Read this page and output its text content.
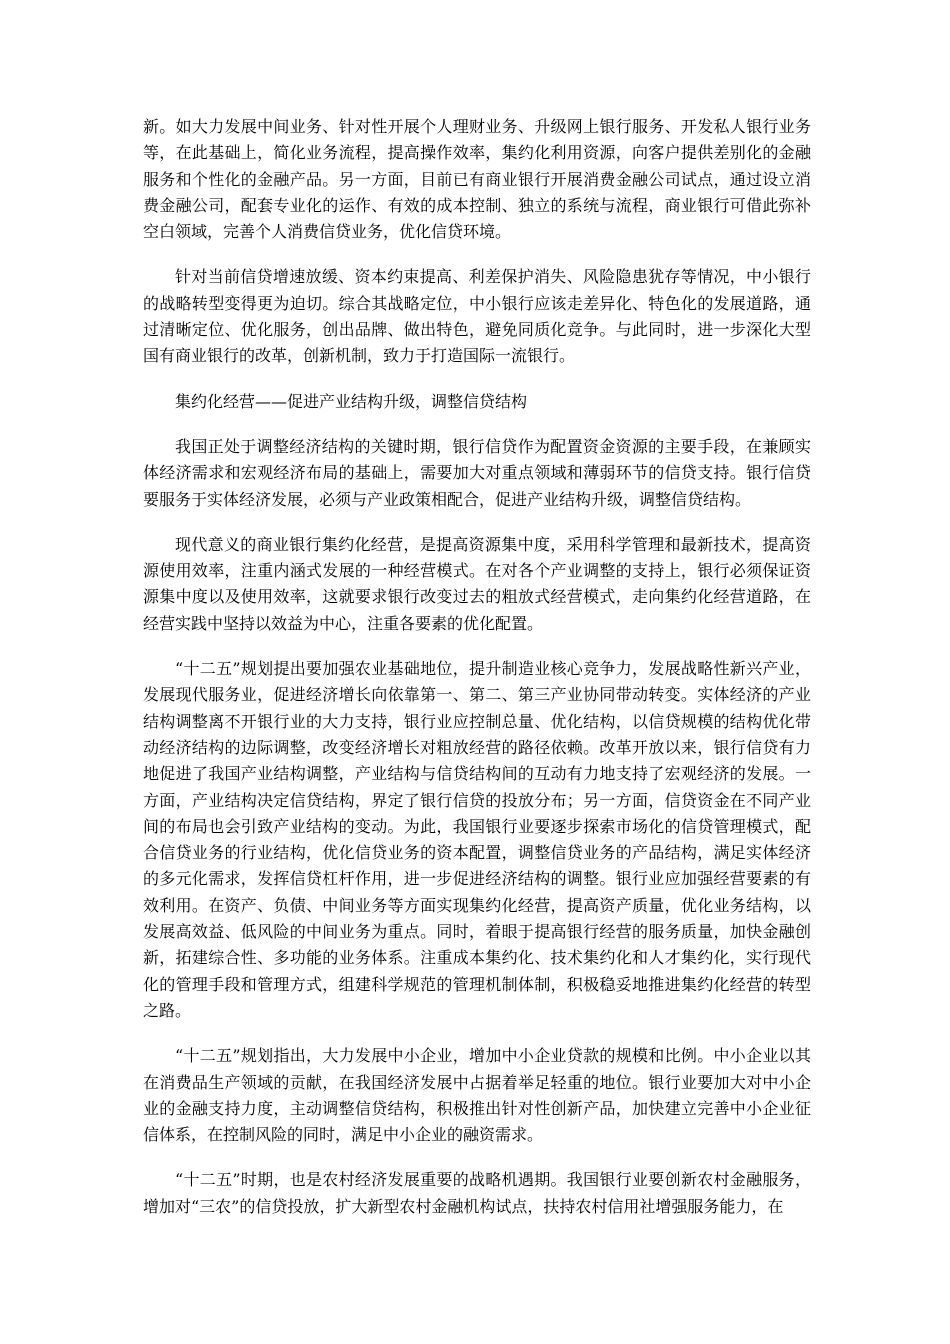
新。如大力发展中间业务、针对性开展个人理财业务、升级网上银行服务、开发私人银行业务等，在此基础上，简化业务流程，提高操作效率，集约化利用资源，向客户提供差别化的金融服务和个性化的金融产品。另一方面，目前已有商业银行开展消费金融公司试点，通过设立消费金融公司，配套专业化的运作、有效的成本控制、独立的系统与流程，商业银行可借此弥补空白领域，完善个人消费信贷业务，优化信贷环境。

针对当前信贷增速放缓、资本约束提高、利差保护消失、风险隐患犹存等情况，中小银行的战略转型变得更为迫切。综合其战略定位，中小银行应该走差异化、特色化的发展道路，通过清晰定位、优化服务，创出品牌、做出特色，避免同质化竞争。与此同时，进一步深化大型国有商业银行的改革，创新机制，致力于打造国际一流银行。

集约化经营——促进产业结构升级，调整信贷结构

我国正处于调整经济结构的关键时期，银行信贷作为配置资金资源的主要手段，在兼顾实体经济需求和宏观经济布局的基础上，需要加大对重点领域和薄弱环节的信贷支持。银行信贷要服务于实体经济发展，必须与产业政策相配合，促进产业结构升级，调整信贷结构。

现代意义的商业银行集约化经营，是提高资源集中度，采用科学管理和最新技术，提高资源使用效率，注重内涵式发展的一种经营模式。在对各个产业调整的支持上，银行必须保证资源集中度以及使用效率，这就要求银行改变过去的粗放式经营模式，走向集约化经营道路，在经营实践中坚持以效益为中心，注重各要素的优化配置。

“十二五”规划提出要加强农业基础地位，提升制造业核心竞争力，发展战略性新兴产业，发展现代服务业，促进经济增长向依靠第一、第二、第三产业协同带动转变。实体经济的产业结构调整离不开银行业的大力支持，银行业应控制总量、优化结构，以信贷规模的结构优化带动经济结构的边际调整，改变经济增长对粗放经营的路径依赖。改革开放以来，银行信贷有力地促进了我国产业结构调整，产业结构与信贷结构间的互动有力地支持了宏观经济的发展。一方面，产业结构决定信贷结构，界定了银行信贷的投放分布；另一方面，信贷资金在不同产业间的布局也会引致产业结构的变动。为此，我国银行业要逐步探索市场化的信贷管理模式，配合信贷业务的行业结构，优化信贷业务的资本配置，调整信贷业务的产品结构，满足实体经济的多元化需求，发挥信贷杠杆作用，进一步促进经济结构的调整。银行业应加强经营要素的有效利用。在资产、负债、中间业务等方面实现集约化经营，提高资产质量，优化业务结构，以发展高效益、低风险的中间业务为重点。同时，着眼于提高银行经营的服务质量，加快金融创新，拓建综合性、多功能的业务体系。注重成本集约化、技术集约化和人才集约化，实行现代化的管理手段和管理方式，组建科学规范的管理机制体制，积极稳妥地推进集约化经营的转型之路。

“十二五”规划指出，大力发展中小企业，增加中小企业贷款的规模和比例。中小企业以其在消费品生产领域的贡献，在我国经济发展中占据着举足轻重的地位。银行业要加大对中小企业的金融支持力度，主动调整信贷结构，积极推出针对性创新产品，加快建立完善中小企业征信体系，在控制风险的同时，满足中小企业的融资需求。

“十二五”时期，也是农村经济发展重要的战略机遇期。我国银行业要创新农村金融服务，增加对“三农”的信贷投放，扩大新型农村金融机构试点，扶持农村信用社增强服务能力，在
